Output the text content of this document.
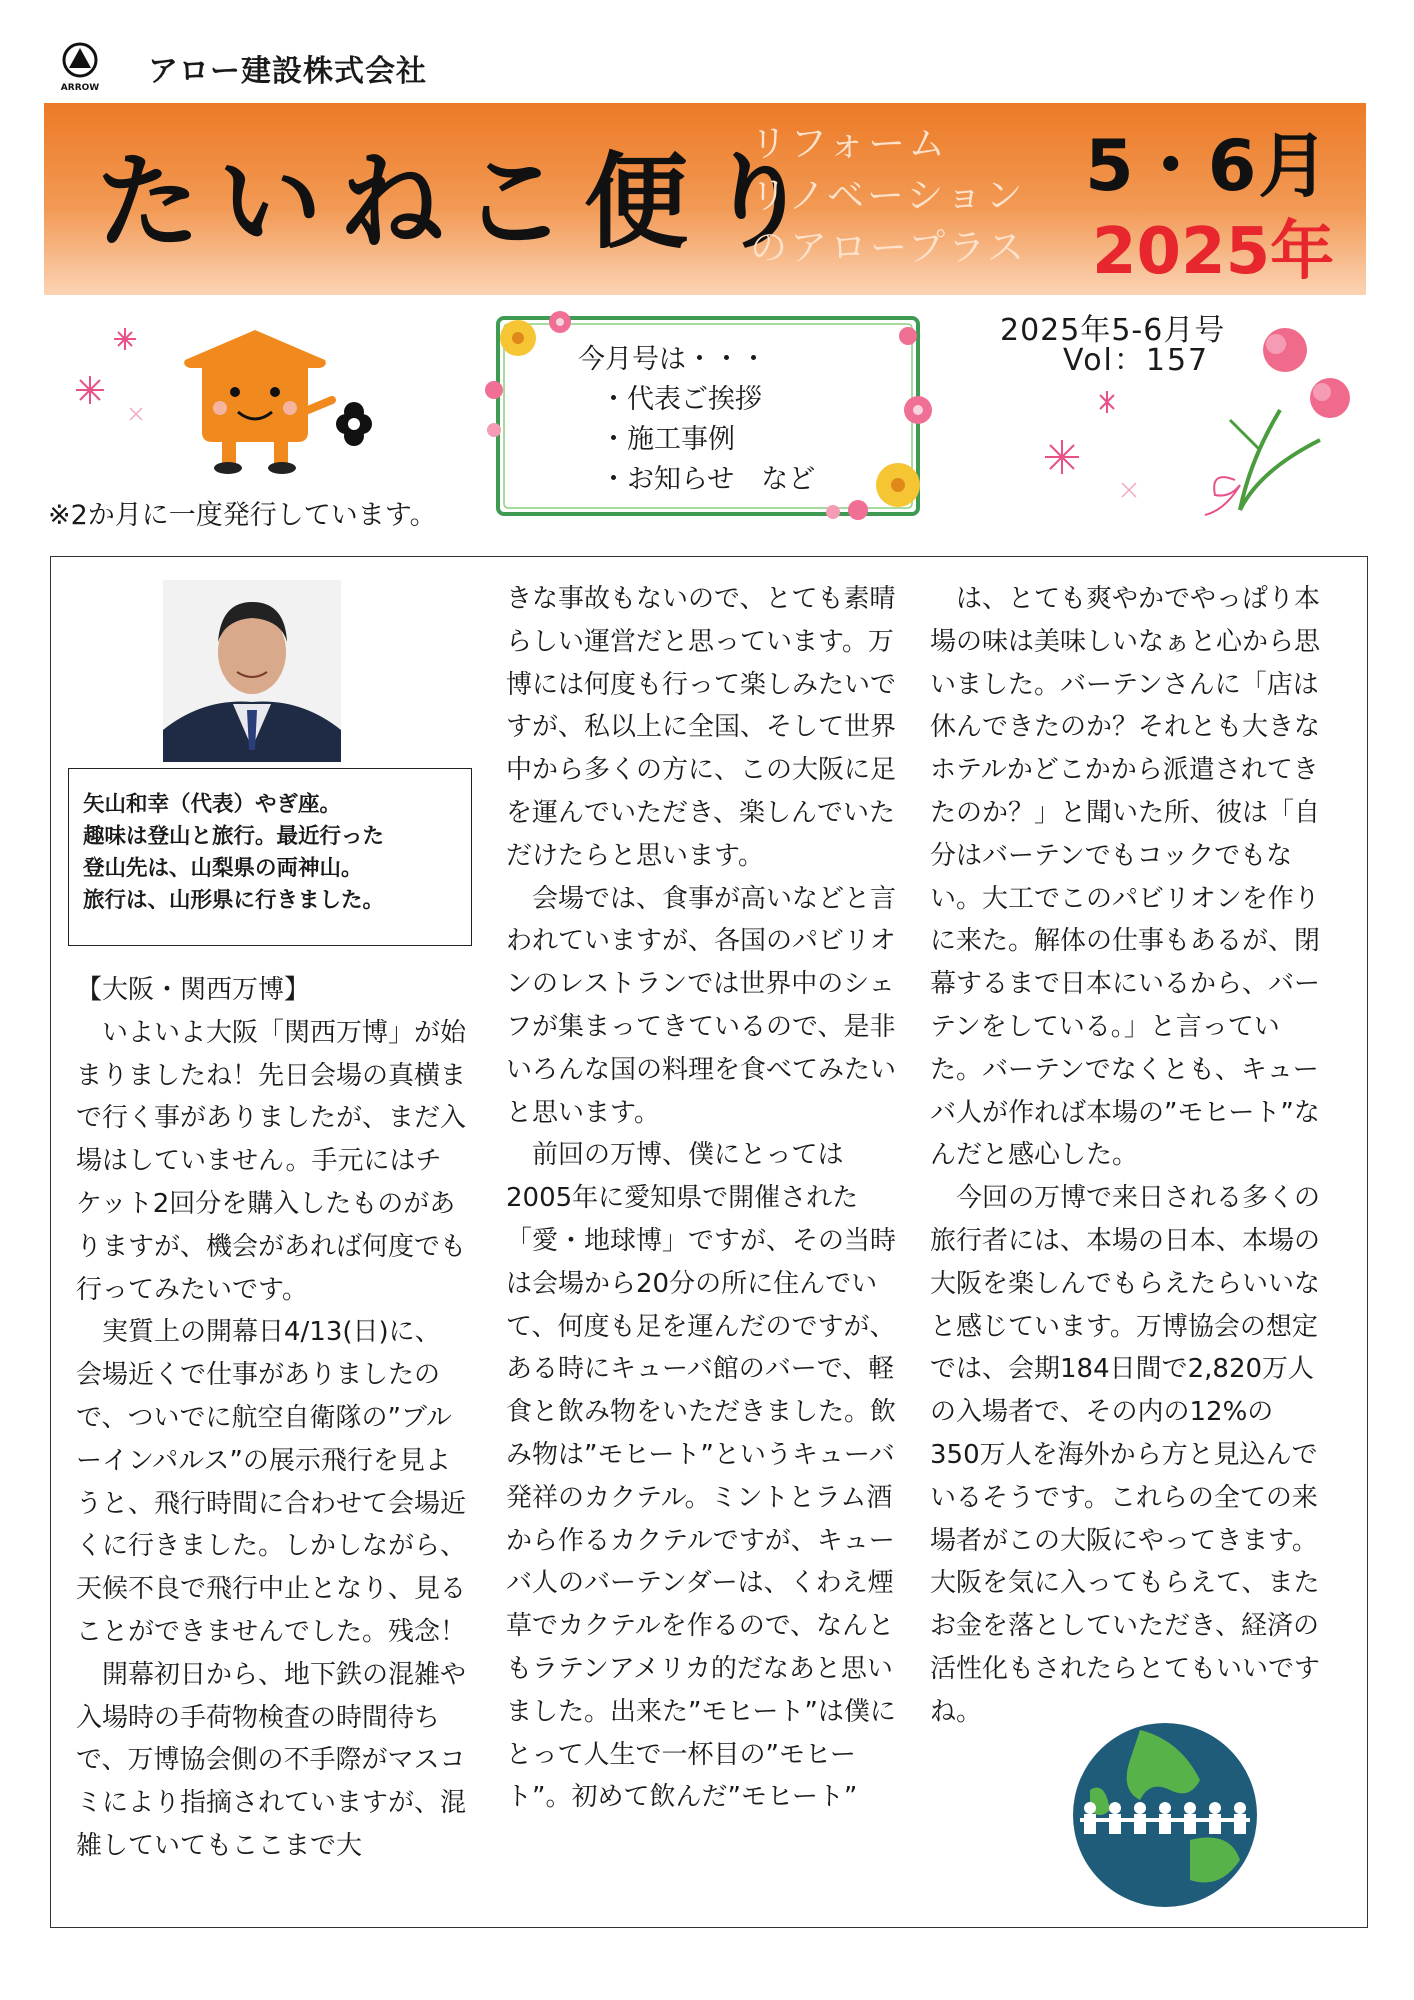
ARROW アロー建設株式会社
たいねこ便り
リフォーム
リノベーション
のアロープラス
5・6月
2025年
※2か月に一度発行しています。
今月号は・・・
・代表ご挨拶
・施工事例
・お知らせ　など
2025年5-6月号
Vol：157
矢山和幸（代表）やぎ座。
趣味は登山と旅行。最近行った
登山先は、山梨県の両神山。
旅行は、山形県に行きました。

【大阪・関西万博】

いよいよ大阪「関西万博」が始まりましたね！先日会場の真横まで行く事がありましたが、まだ入場はしていません。手元にはチケット2回分を購入したものがありますが、機会があれば何度でも行ってみたいです。

実質上の開幕日4/13(日)に、会場近くで仕事がありましたので、ついでに航空自衛隊の”ブルーインパルス”の展示飛行を見ようと、飛行時間に合わせて会場近くに行きました。しかしながら、天候不良で飛行中止となり、見ることができませんでした。残念！

開幕初日から、地下鉄の混雑や入場時の手荷物検査の時間待ちで、万博協会側の不手際がマスコミにより指摘されていますが、混雑していてもここまで大

きな事故もないので、とても素晴らしい運営だと思っています。万博には何度も行って楽しみたいですが、私以上に全国、そして世界中から多くの方に、この大阪に足を運んでいただき、楽しんでいただけたらと思います。

会場では、食事が高いなどと言われていますが、各国のパビリオンのレストランでは世界中のシェフが集まってきているので、是非いろんな国の料理を食べてみたいと思います。

前回の万博、僕にとっては2005年に愛知県で開催された「愛・地球博」ですが、その当時は会場から20分の所に住んでいて、何度も足を運んだのですが、ある時にキューバ館のバーで、軽食と飲み物をいただきました。飲み物は”モヒート”というキューバ発祥のカクテル。ミントとラム酒から作るカクテルですが、キューバ人のバーテンダーは、くわえ煙草でカクテルを作るので、なんともラテンアメリカ的だなあと思いました。出来た”モヒート”は僕にとって人生で一杯目の”モヒート”。初めて飲んだ”モヒート”

は、とても爽やかでやっぱり本場の味は美味しいなぁと心から思いました。バーテンさんに「店は休んできたのか？それとも大きなホテルかどこかから派遣されてきたのか？」と聞いた所、彼は「自分はバーテンでもコックでもない。大工でこのパビリオンを作りに来た。解体の仕事もあるが、閉幕するまで日本にいるから、バーテンをしている。」と言っていた。バーテンでなくとも、キューバ人が作れば本場の”モヒート”なんだと感心した。

今回の万博で来日される多くの旅行者には、本場の日本、本場の大阪を楽しんでもらえたらいいなと感じています。万博協会の想定では、会期184日間で2,820万人の入場者で、その内の12%の350万人を海外から方と見込んでいるそうです。これらの全ての来場者がこの大阪にやってきます。大阪を気に入ってもらえて、またお金を落としていただき、経済の活性化もされたらとてもいいですね。
